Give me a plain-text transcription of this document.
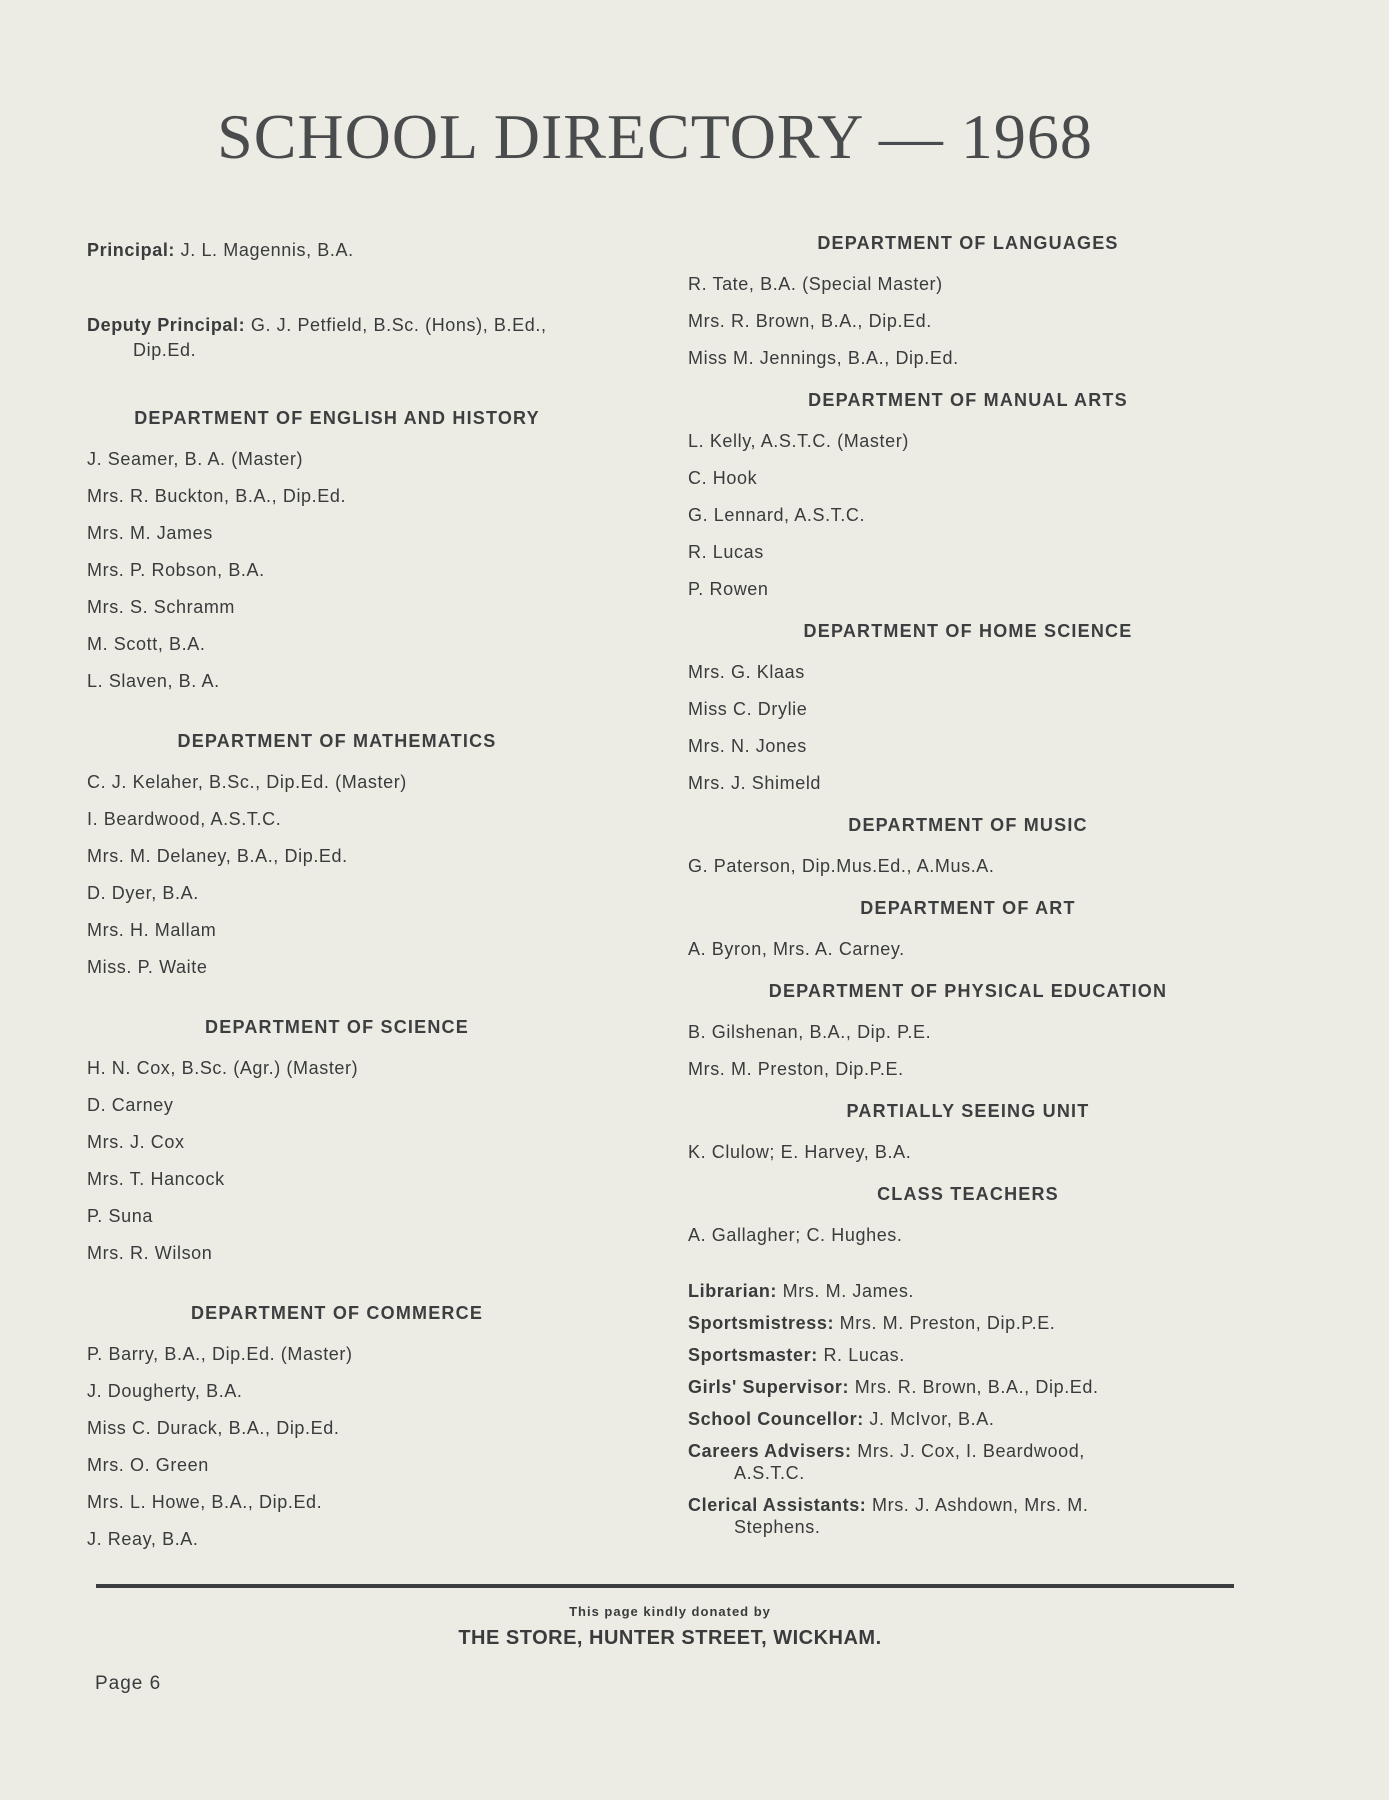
SCHOOL DIRECTORY — 1968

Principal: J. L. Magennis, B.A.

Deputy Principal: G. J. Petfield, B.Sc. (Hons), B.Ed.,
Dip.Ed.

DEPARTMENT OF ENGLISH AND HISTORY
J. Seamer, B. A. (Master)
Mrs. R. Buckton, B.A., Dip.Ed.
Mrs. M. James
Mrs. P. Robson, B.A.
Mrs. S. Schramm
M. Scott, B.A.
L. Slaven, B. A.
DEPARTMENT OF MATHEMATICS
C. J. Kelaher, B.Sc., Dip.Ed. (Master)
I. Beardwood, A.S.T.C.
Mrs. M. Delaney, B.A., Dip.Ed.
D. Dyer, B.A.
Mrs. H. Mallam
Miss. P. Waite
DEPARTMENT OF SCIENCE
H. N. Cox, B.Sc. (Agr.) (Master)
D. Carney
Mrs. J. Cox
Mrs. T. Hancock
P. Suna
Mrs. R. Wilson
DEPARTMENT OF COMMERCE
P. Barry, B.A., Dip.Ed. (Master)
J. Dougherty, B.A.
Miss C. Durack, B.A., Dip.Ed.
Mrs. O. Green
Mrs. L. Howe, B.A., Dip.Ed.
J. Reay, B.A.
DEPARTMENT OF LANGUAGES
R. Tate, B.A. (Special Master)
Mrs. R. Brown, B.A., Dip.Ed.
Miss M. Jennings, B.A., Dip.Ed.
DEPARTMENT OF MANUAL ARTS
L. Kelly, A.S.T.C. (Master)
C. Hook
G. Lennard, A.S.T.C.
R. Lucas
P. Rowen
DEPARTMENT OF HOME SCIENCE
Mrs. G. Klaas
Miss C. Drylie
Mrs. N. Jones
Mrs. J. Shimeld
DEPARTMENT OF MUSIC
G. Paterson, Dip.Mus.Ed., A.Mus.A.
DEPARTMENT OF ART
A. Byron, Mrs. A. Carney.
DEPARTMENT OF PHYSICAL EDUCATION
B. Gilshenan, B.A., Dip. P.E.
Mrs. M. Preston, Dip.P.E.
PARTIALLY SEEING UNIT
K. Clulow; E. Harvey, B.A.
CLASS TEACHERS
A. Gallagher; C. Hughes.
Librarian: Mrs. M. James.
Sportsmistress: Mrs. M. Preston, Dip.P.E.
Sportsmaster: R. Lucas.
Girls' Supervisor: Mrs. R. Brown, B.A., Dip.Ed.
School Councellor: J. McIvor, B.A.
Careers Advisers: Mrs. J. Cox, I. Beardwood,
A.S.T.C.
Clerical Assistants: Mrs. J. Ashdown, Mrs. M.
Stephens.
This page kindly donated by
THE STORE, HUNTER STREET, WICKHAM.
Page 6
